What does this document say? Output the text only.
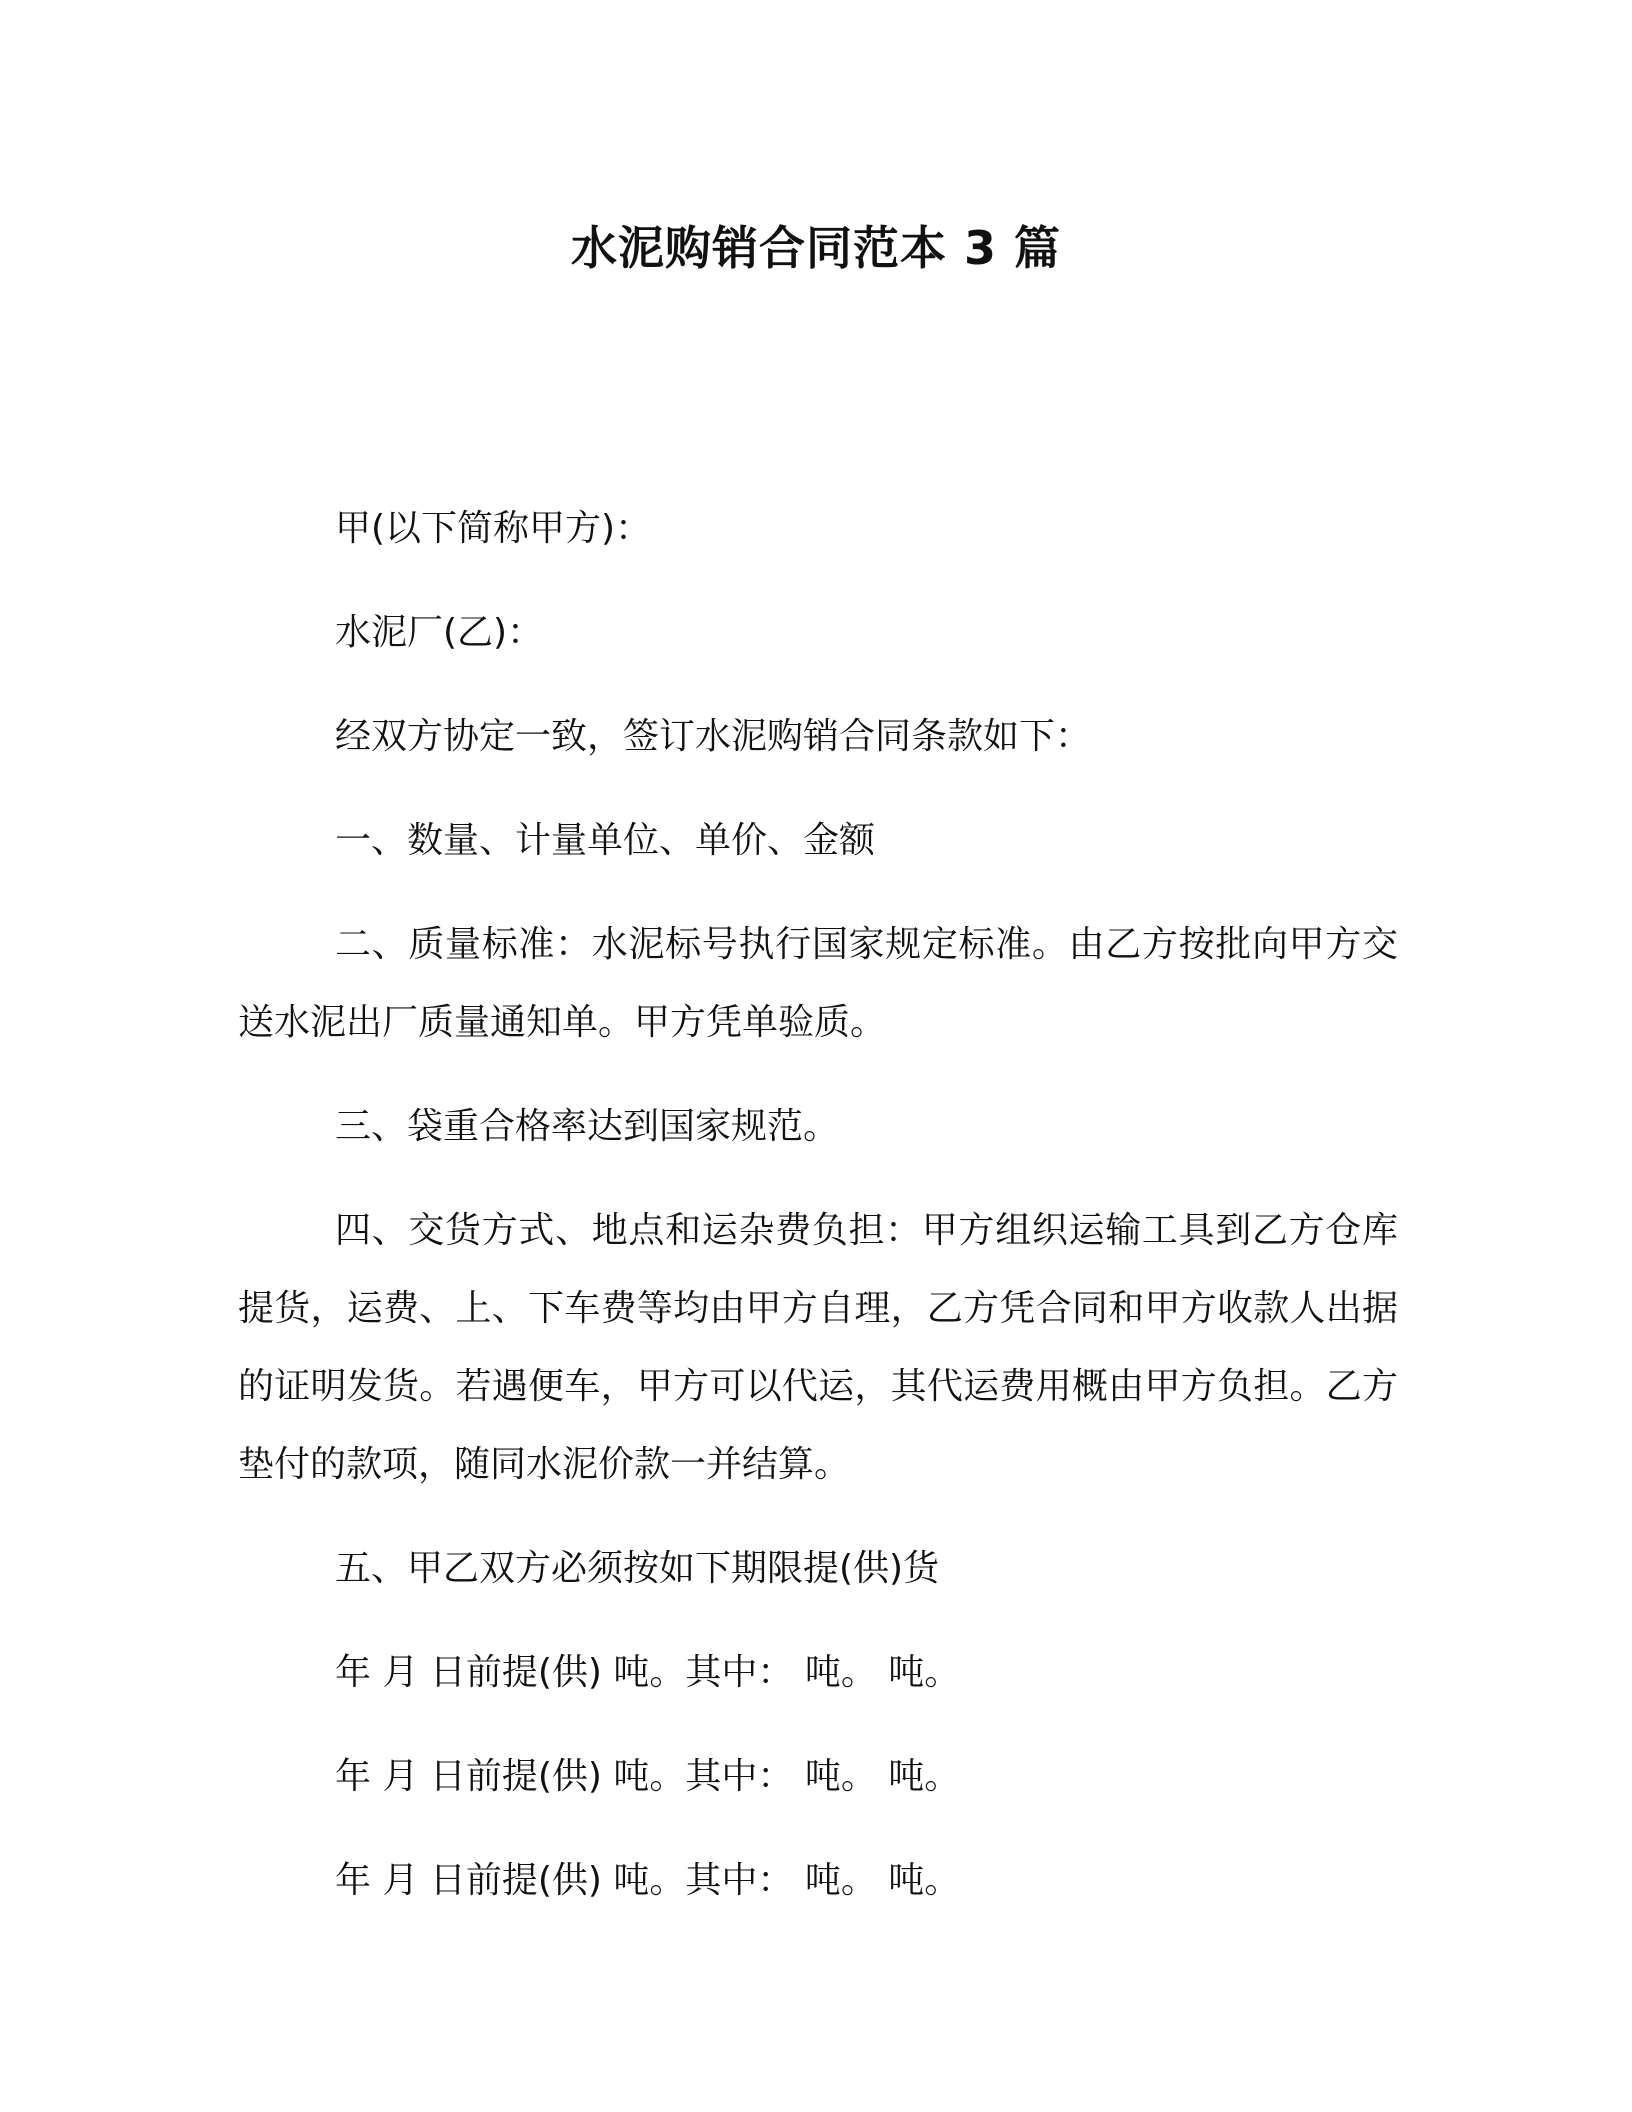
水泥购销合同范本 3 篇

甲(以下简称甲方)：

水泥厂(乙)：

经双方协定一致，签订水泥购销合同条款如下：

一、数量、计量单位、单价、金额

二、质量标准：水泥标号执行国家规定标准。由乙方按批向甲方交送水泥出厂质量通知单。甲方凭单验质。

三、袋重合格率达到国家规范。

四、交货方式、地点和运杂费负担：甲方组织运输工具到乙方仓库提货，运费、上、下车费等均由甲方自理，乙方凭合同和甲方收款人出据的证明发货。若遇便车，甲方可以代运，其代运费用概由甲方负担。乙方垫付的款项，随同水泥价款一并结算。

五、甲乙双方必须按如下期限提(供)货

年 月 日前提(供) 吨。其中： 吨。 吨。

年 月 日前提(供) 吨。其中： 吨。 吨。

年 月 日前提(供) 吨。其中： 吨。 吨。
